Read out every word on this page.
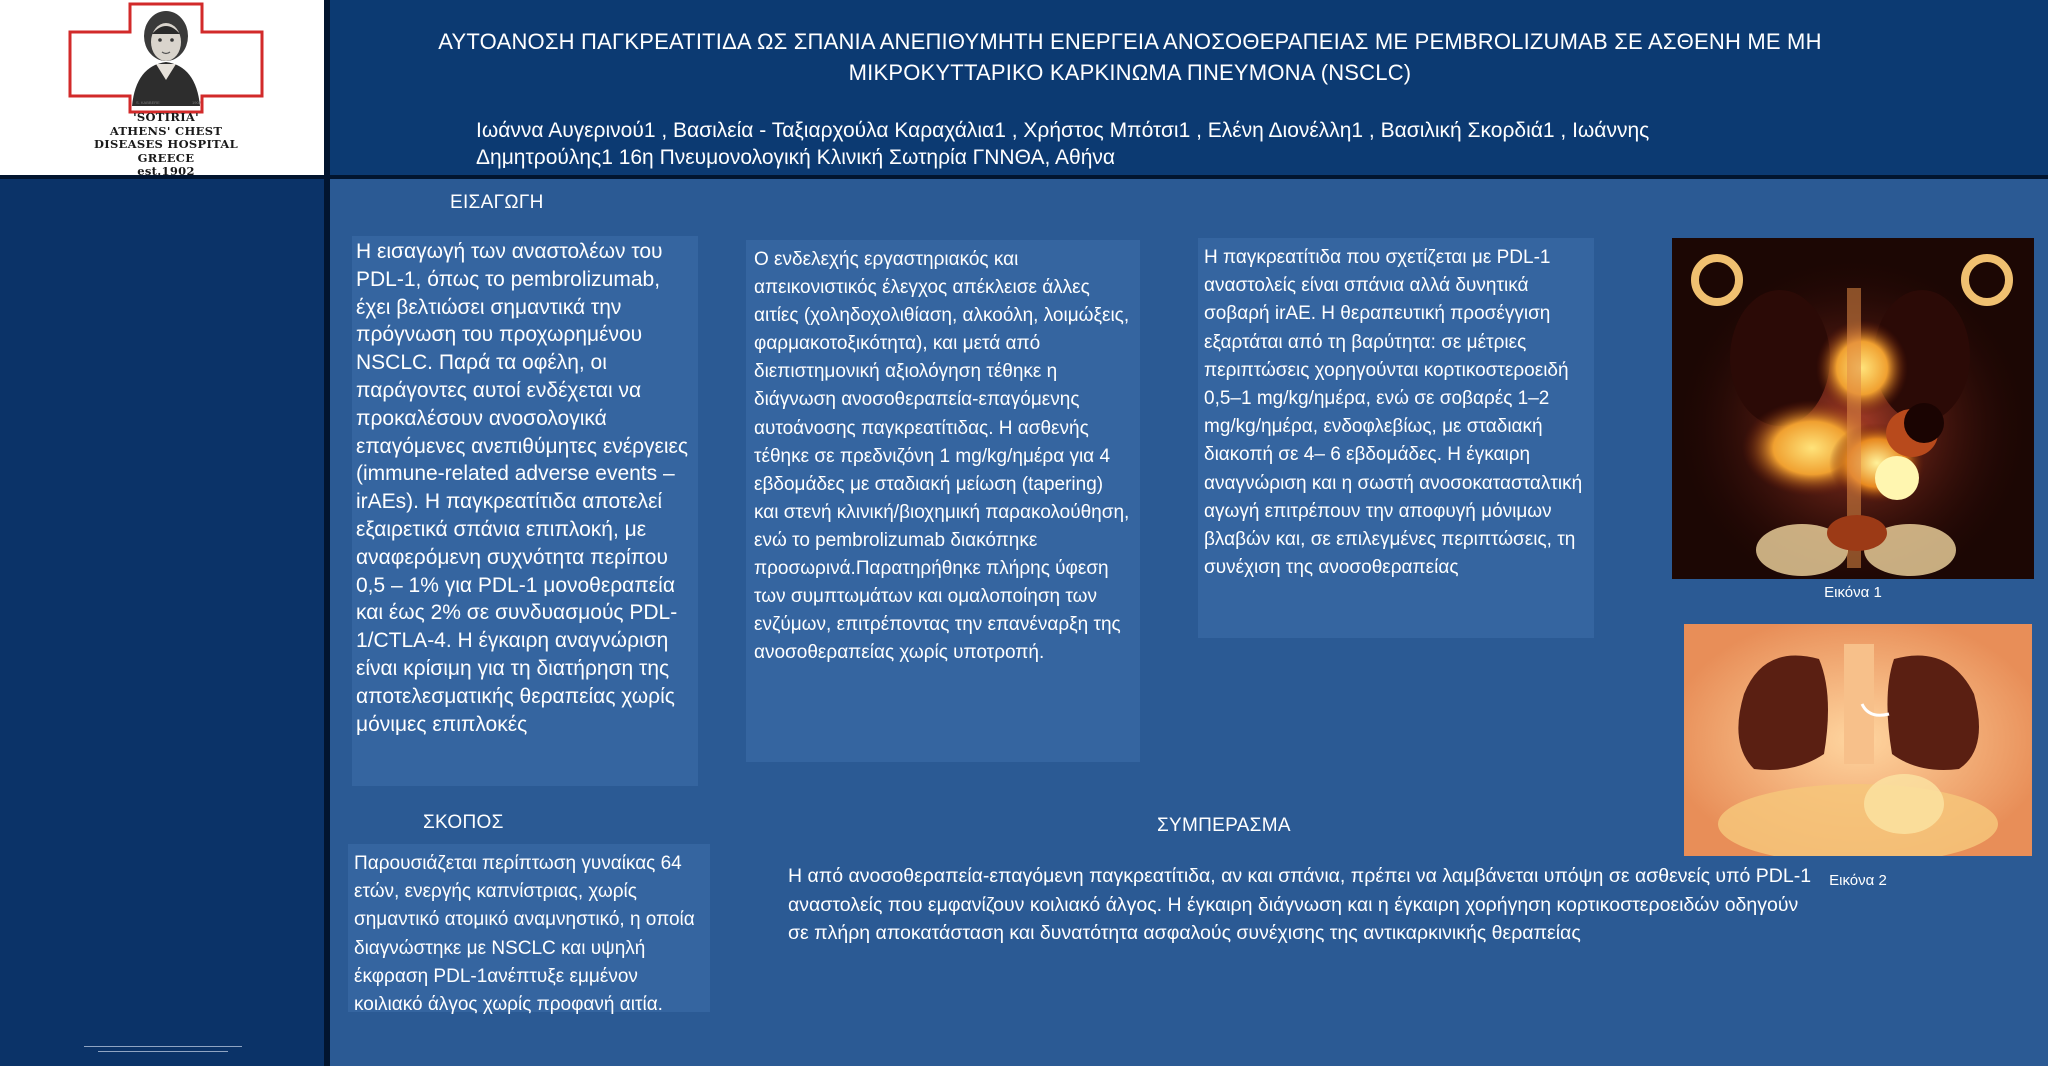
S. KABBERE	1902
'SOTIRIA'
ATHENS' CHEST
DISEASES HOSPITAL
GREECE
est.1902
ΑΥΤΟΑΝΟΣΗ ΠΑΓΚΡΕΑΤΙΤΙΔΑ ΩΣ ΣΠΑΝΙΑ ΑΝΕΠΙΘΥΜΗΤΗ ΕΝΕΡΓΕΙΑ ΑΝΟΣΟΘΕΡΑΠΕΙΑΣ ΜΕ PEMBROLIZUMAB ΣΕ ΑΣΘΕΝΗ ΜΕ ΜΗ ΜΙΚΡΟΚΥΤΤΑΡΙΚΟ ΚΑΡΚΙΝΩΜΑ ΠΝΕΥΜΟΝΑ (NSCLC)
Ιωάννα Αυγερινού1 , Βασιλεία - Ταξιαρχούλα Καραχάλια1 , Χρήστος Μπότσι1 , Ελένη Διονέλλη1 , Βασιλική Σκορδιά1 , Ιωάννης Δημητρούλης1 16η Πνευμονολογική Κλινική Σωτηρία ΓΝΝΘΑ, Αθήνα
ΕΙΣΑΓΩΓΗ
Η εισαγωγή των αναστολέων του PDL-1, όπως το pembrolizumab, έχει βελτιώσει σημαντικά την πρόγνωση του προχωρημένου NSCLC. Παρά τα οφέλη, οι παράγοντες αυτοί ενδέχεται να προκαλέσουν ανοσολογικά επαγόμενες ανεπιθύμητες ενέργειες (immune-related adverse events – irAEs). Η παγκρεατίτιδα αποτελεί εξαιρετικά σπάνια επιπλοκή, με αναφερόμενη συχνότητα περίπου 0,5 – 1% για PDL-1 μονοθεραπεία και έως 2% σε συνδυασμούς PDL-1/CTLA-4. Η έγκαιρη αναγνώριση είναι κρίσιμη για τη διατήρηση της αποτελεσματικής θεραπείας χωρίς μόνιμες επιπλοκές
Ο ενδελεχής εργαστηριακός και απεικονιστικός έλεγχος απέκλεισε άλλες αιτίες (χοληδοχολιθίαση, αλκοόλη, λοιμώξεις, φαρμακοτοξικότητα), και μετά από διεπιστημονική αξιολόγηση τέθηκε η διάγνωση ανοσοθεραπεία-επαγόμενης αυτοάνοσης παγκρεατίτιδας. Η ασθενής τέθηκε σε πρεδνιζόνη 1 mg/kg/ημέρα για 4 εβδομάδες με σταδιακή μείωση (tapering) και στενή κλινική/βιοχημική παρακολούθηση, ενώ το pembrolizumab διακόπηκε προσωρινά.Παρατηρήθηκε πλήρης ύφεση των συμπτωμάτων και ομαλοποίηση των ενζύμων, επιτρέποντας την επανέναρξη της ανοσοθεραπείας χωρίς υποτροπή.
Η παγκρεατίτιδα που σχετίζεται με PDL-1 αναστολείς είναι σπάνια αλλά δυνητικά σοβαρή irAE. Η θεραπευτική προσέγγιση εξαρτάται από τη βαρύτητα: σε μέτριες περιπτώσεις χορηγούνται κορτικοστεροειδή 0,5–1 mg/kg/ημέρα, ενώ σε σοβαρές 1–2 mg/kg/ημέρα, ενδοφλεβίως, με σταδιακή διακοπή σε 4– 6 εβδομάδες. Η έγκαιρη αναγνώριση και η σωστή ανοσοκατασταλτική αγωγή επιτρέπουν την αποφυγή μόνιμων βλαβών και, σε επιλεγμένες περιπτώσεις, τη συνέχιση της ανοσοθεραπείας
ΣΚΟΠΟΣ
Παρουσιάζεται περίπτωση γυναίκας 64 ετών, ενεργής καπνίστριας, χωρίς σημαντικό ατομικό αναμνηστικό, η οποία διαγνώστηκε με NSCLC και υψηλή έκφραση PDL-1ανέπτυξε εμμένον κοιλιακό άλγος χωρίς προφανή αιτία.
ΣΥΜΠΕΡΑΣΜΑ
Η από ανοσοθεραπεία-επαγόμενη παγκρεατίτιδα, αν και σπάνια, πρέπει να λαμβάνεται υπόψη σε ασθενείς υπό PDL-1 αναστολείς που εμφανίζουν κοιλιακό άλγος. Η έγκαιρη διάγνωση και η έγκαιρη χορήγηση κορτικοστεροειδών οδηγούν σε πλήρη αποκατάσταση και δυνατότητα ασφαλούς συνέχισης της αντικαρκινικής θεραπείας
Εικόνα 1
Εικόνα 2
